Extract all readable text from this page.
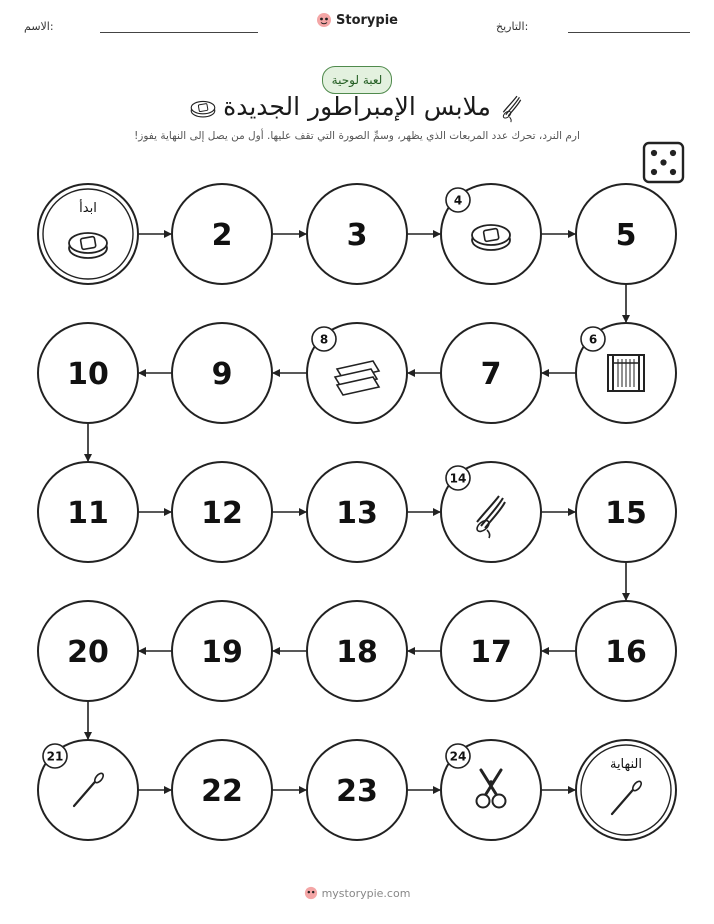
الاسم:	Storypie	التاريخ:
لعبة لوحية
ملابس الإمبراطور الجديدة
ارم النرد، تحرك عدد المربعات الذي يظهر، وسمِّ الصورة التي تقف عليها. أول من يصل إلى النهاية يفوز!
ابدأ
2	3
4
5
6
7
8
9
10
11	12	13
14
15
16
17
18
19
20
21
22	23
24
النهاية
mystorypie.com
